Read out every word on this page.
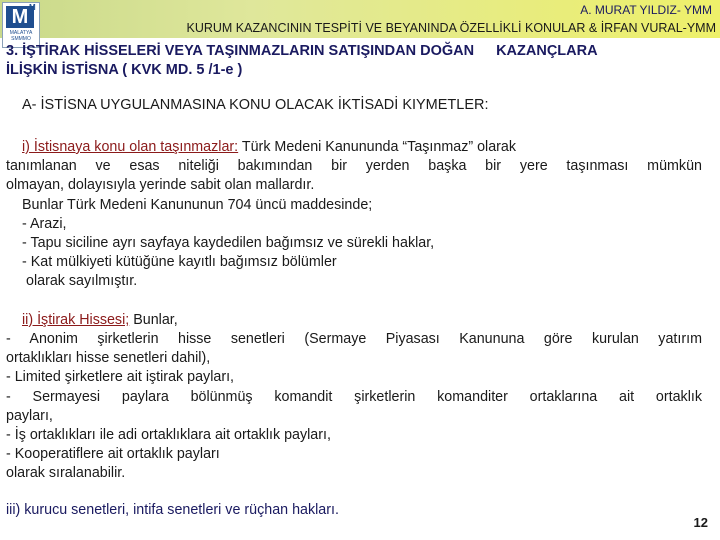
M M
MALATYA SMMMO
A. MURAT YILDIZ- YMM
KURUM KAZANCININ TESPİTİ VE BEYANINDA ÖZELLİKLİ KONULAR & İRFAN VURAL-YMM
3. İŞTİRAK HİSSELERİ VEYA TAŞINMAZLARIN SATIŞINDAN DOĞAN KAZANÇLARA
İLİŞKİN İSTİSNA ( KVK MD. 5 /1-e )
A- İSTİSNA UYGULANMASINA KONU OLACAK İKTİSADİ KIYMETLER:
i) İstisnaya konu olan taşınmazlar: Türk Medeni Kanununda “Taşınmaz” olarak
tanımlanan ve esas niteliği bakımından bir yerden başka bir yere taşınması mümkün
olmayan, dolayısıyla yerinde sabit olan mallardır.
Bunlar Türk Medeni Kanununun 704 üncü maddesinde;
- Arazi,
- Tapu siciline ayrı sayfaya kaydedilen bağımsız ve sürekli haklar,
- Kat mülkiyeti kütüğüne kayıtlı bağımsız bölümler
olarak sayılmıştır.
ii) İştirak Hissesi; Bunlar,
- Anonim şirketlerin hisse senetleri (Sermaye Piyasası Kanununa göre kurulan yatırım
ortaklıkları hisse senetleri dahil),
- Limited şirketlere ait iştirak payları,
- Sermayesi paylara bölünmüş komandit şirketlerin komanditer ortaklarına ait ortaklık
payları,
- İş ortaklıkları ile adi ortaklıklara ait ortaklık payları,
- Kooperatiflere ait ortaklık payları
olarak sıralanabilir.
iii) kurucu senetleri, intifa senetleri ve rüçhan hakları.
12
